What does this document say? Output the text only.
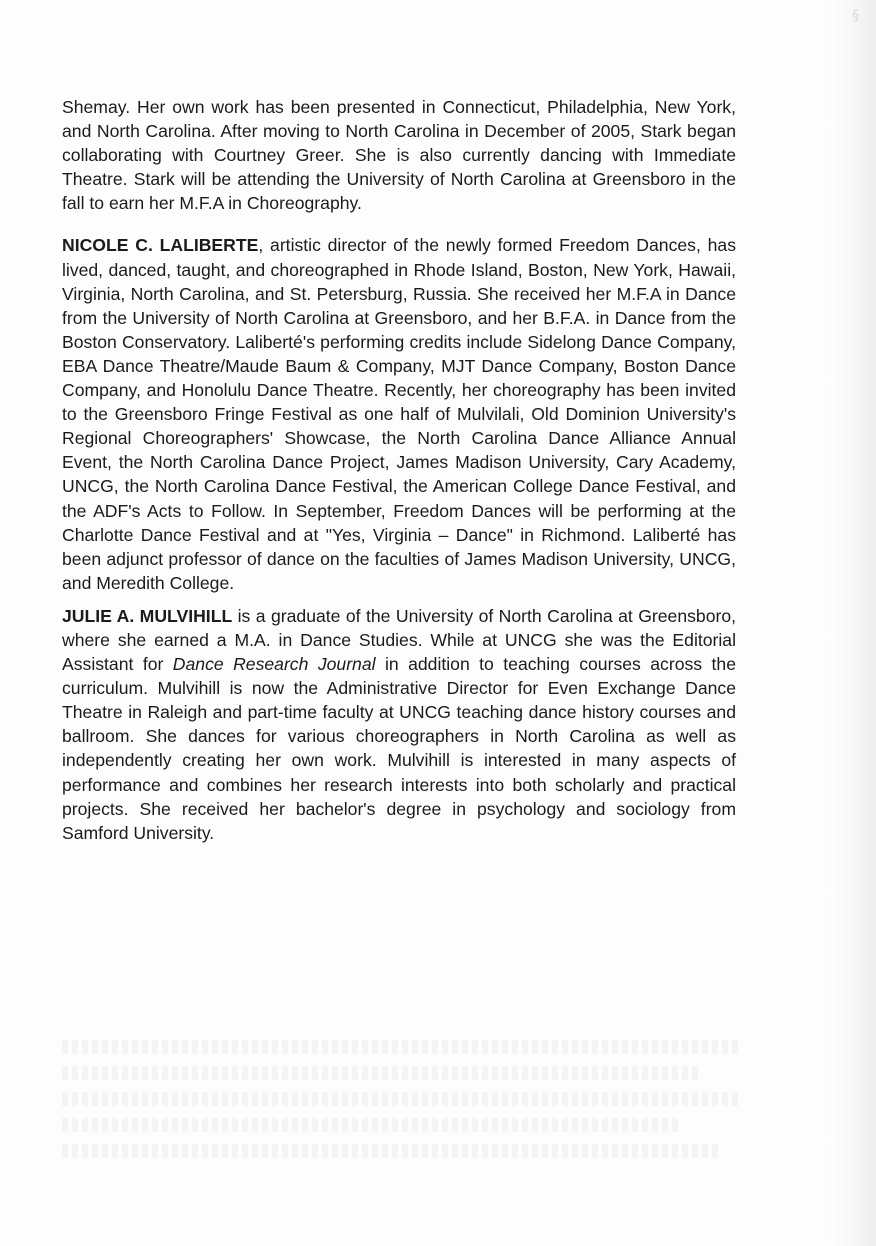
§

Shemay. Her own work has been presented in Connecticut, Philadelphia, New York, and North Carolina. After moving to North Carolina in December of 2005, Stark began collaborating with Courtney Greer. She is also currently dancing with Immediate Theatre. Stark will be attending the University of North Carolina at Greensboro in the fall to earn her M.F.A in Choreography.

NICOLE C. LALIBERTE, artistic director of the newly formed Freedom Dances, has lived, danced, taught, and choreographed in Rhode Island, Boston, New York, Hawaii, Virginia, North Carolina, and St. Petersburg, Russia. She received her M.F.A in Dance from the University of North Carolina at Greensboro, and her B.F.A. in Dance from the Boston Conservatory. Laliberté's performing credits include Sidelong Dance Company, EBA Dance Theatre/Maude Baum & Company, MJT Dance Company, Boston Dance Company, and Honolulu Dance Theatre. Recently, her choreography has been invited to the Greensboro Fringe Festival as one half of Mulvilali, Old Dominion University's Regional Choreographers' Showcase, the North Carolina Dance Alliance Annual Event, the North Carolina Dance Project, James Madison University, Cary Academy, UNCG, the North Carolina Dance Festival, the American College Dance Festival, and the ADF's Acts to Follow. In September, Freedom Dances will be performing at the Charlotte Dance Festival and at "Yes, Virginia – Dance" in Richmond. Laliberté has been adjunct professor of dance on the faculties of James Madison University, UNCG, and Meredith College.

JULIE A. MULVIHILL is a graduate of the University of North Carolina at Greensboro, where she earned a M.A. in Dance Studies. While at UNCG she was the Editorial Assistant for Dance Research Journal in addition to teaching courses across the curriculum. Mulvihill is now the Administrative Director for Even Exchange Dance Theatre in Raleigh and part-time faculty at UNCG teaching dance history courses and ballroom. She dances for various choreographers in North Carolina as well as independently creating her own work. Mulvihill is interested in many aspects of performance and combines her research interests into both scholarly and practical projects. She received her bachelor's degree in psychology and sociology from Samford University.
